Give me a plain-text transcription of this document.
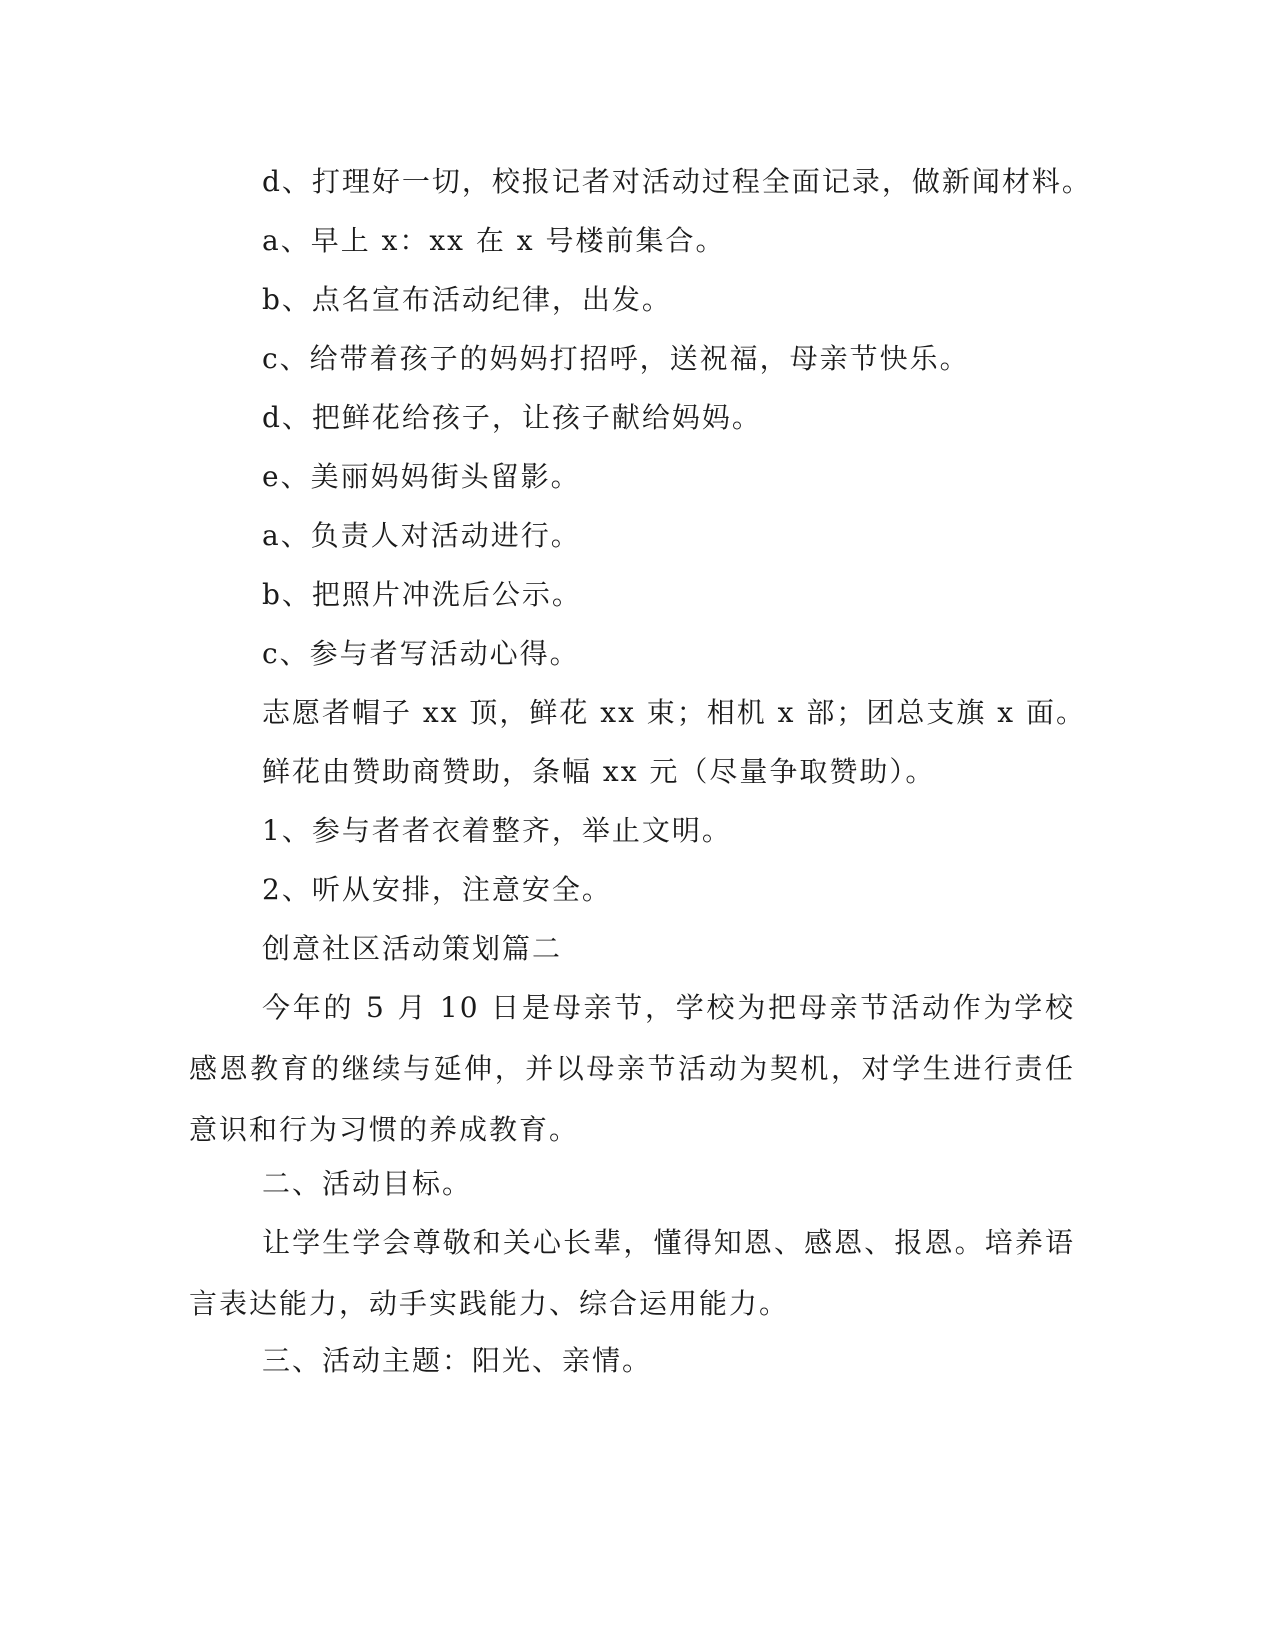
d、打理好一切，校报记者对活动过程全面记录，做新闻材料。
a、早上 x：xx 在 x 号楼前集合。
b、点名宣布活动纪律，出发。
c、给带着孩子的妈妈打招呼，送祝福，母亲节快乐。
d、把鲜花给孩子，让孩子献给妈妈。
e、美丽妈妈街头留影。
a、负责人对活动进行。
b、把照片冲洗后公示。
c、参与者写活动心得。
志愿者帽子 xx 顶，鲜花 xx 束；相机 x 部；团总支旗 x 面。
鲜花由赞助商赞助，条幅 xx 元（尽量争取赞助）。
1、参与者者衣着整齐，举止文明。
2、听从安排，注意安全。
创意社区活动策划篇二
今年的 5 月 10 日是母亲节，学校为把母亲节活动作为学校感恩教育的继续与延伸，并以母亲节活动为契机，对学生进行责任意识和行为习惯的养成教育。
二、活动目标。
让学生学会尊敬和关心长辈，懂得知恩、感恩、报恩。培养语言表达能力，动手实践能力、综合运用能力。
三、活动主题：阳光、亲情。
